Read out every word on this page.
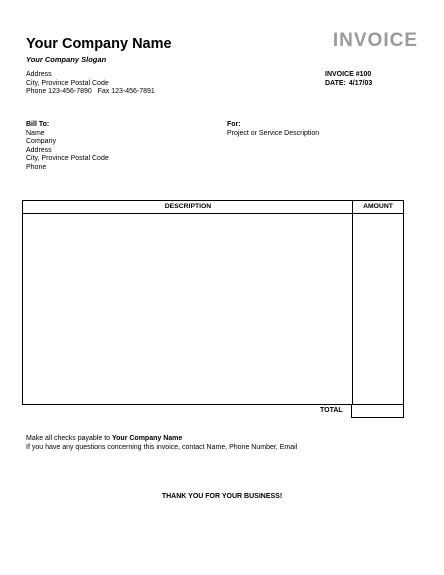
Your Company Name
Your Company Slogan
INVOICE
Address
City, Province Postal Code
Phone 123-456-7890   Fax 123-456-7891
INVOICE #100
DATE: 4/17/03
Bill To:
Name
Company
Address
City, Province Postal Code
Phone
For:
Project or Service Description
DESCRIPTION	AMOUNT
TOTAL
Make all checks payable to Your Company Name
If you have any questions concerning this invoice, contact Name, Phone Number, Email
THANK YOU FOR YOUR BUSINESS!
